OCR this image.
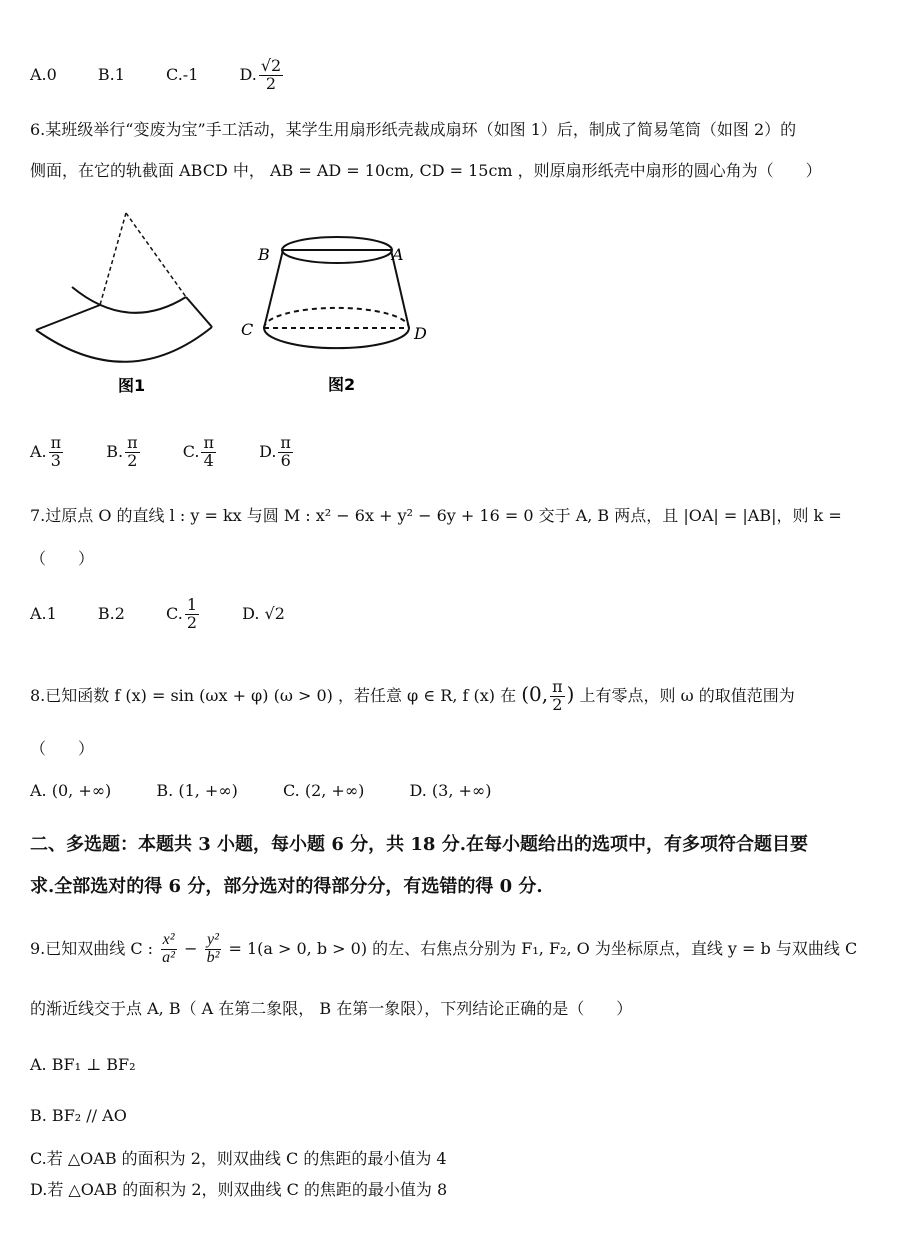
A.0	B.1	C.-1	D. $\frac{√2}{2}$
6.某班级举行“变废为宝”手工活动，某学生用扇形纸壳裁成扇环（如图 1）后，制成了简易笔筒（如图 2）的
侧面，在它的轨截面 ABCD 中， AB = AD = 10cm, CD = 15cm ，则原扇形纸壳中扇形的圆心角为（　　）
图1
B	A
C	D
图2
A. $\frac{\pi}{3}$	B. $\frac{\pi}{2}$	C. $\frac{\pi}{4}$	D. $\frac{\pi}{6}$
7.过原点 O 的直线 l : y = kx 与圆 M : x² − 6x + y² − 6y + 16 = 0 交于 A, B 两点，且 |OA| = |AB|，则 k =
（　　）
A.1	B.2	C. $\frac{1}{2}$	D. √2
8.已知函数 f (x) = sin (ωx + φ) (ω > 0) ，若任意 φ ∈ R, f (x) 在 (0, $\frac{\pi}{2}$ ) 上有零点，则 ω 的取值范围为
（　　）
A. (0, +∞)	B. (1, +∞)	C. (2, +∞)	D. (3, +∞)
二、多选题：本题共 3 小题，每小题 6 分，共 18 分.在每小题给出的选项中，有多项符合题目要
求.全部选对的得 6 分，部分选对的得部分分，有选错的得 0 分.
9.已知双曲线 C : $\frac{\text{x²}}{\text{a²}} - \frac{\text{y²}}{\text{b²}} = 1(a > 0$, b > 0) 的左、右焦点分别为 F₁, F₂, O 为坐标原点，直线 y = b 与双曲线 C
的渐近线交于点 A, B（ A 在第二象限， B 在第一象限），下列结论正确的是（　　）
A. BF₁ ⊥ BF₂
B. BF₂ // AO
C.若 △OAB 的面积为 2，则双曲线 C 的焦距的最小值为 4
D.若 △OAB 的面积为 2，则双曲线 C 的焦距的最小值为 8
